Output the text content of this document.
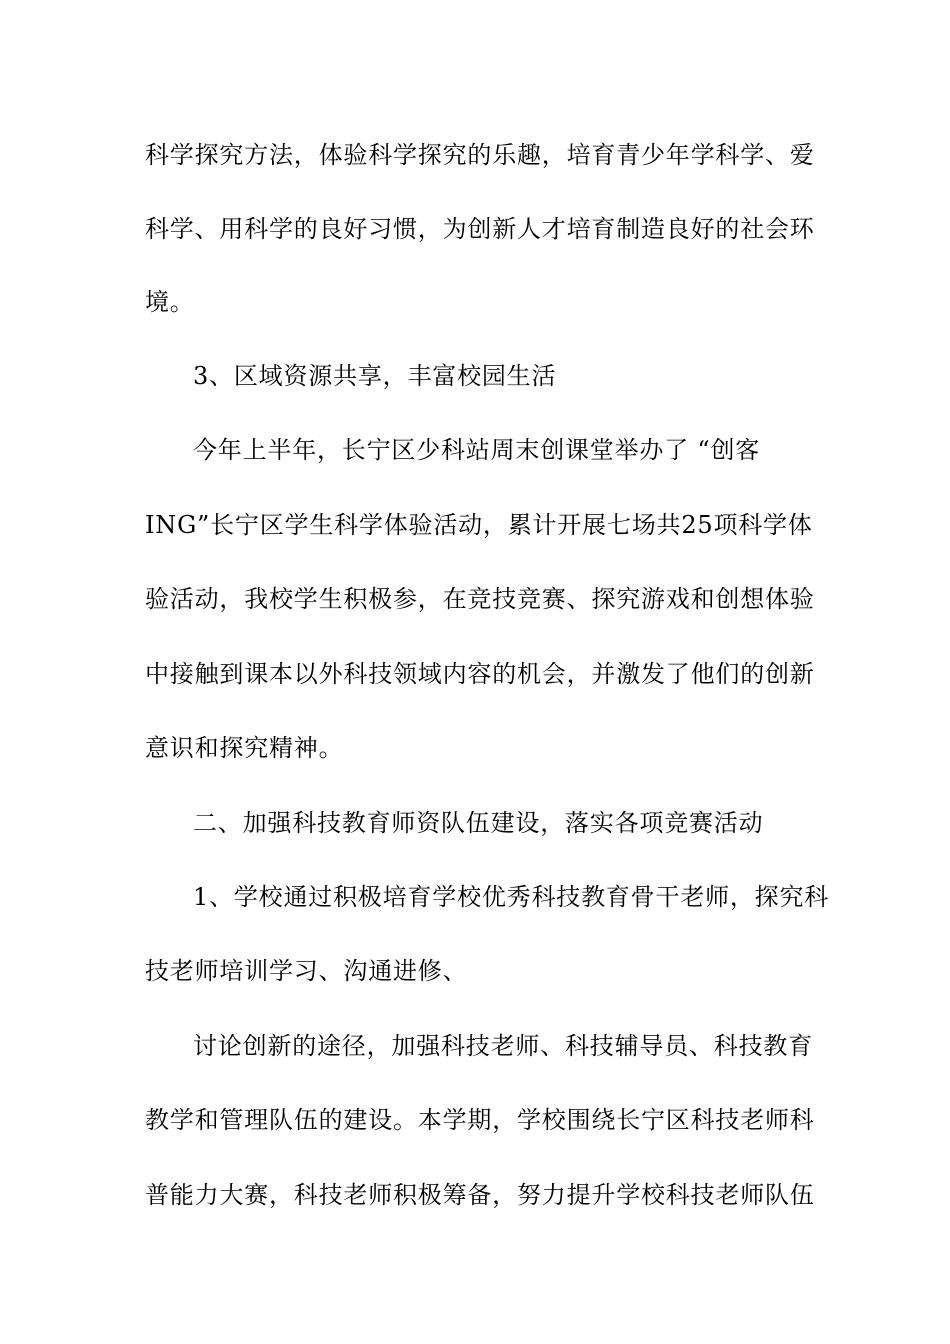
科学探究方法，体验科学探究的乐趣，培育青少年学科学、爱
科学、用科学的良好习惯，为创新人才培育制造良好的社会环
境。
3、区域资源共享，丰富校园生活
今年上半年，长宁区少科站周末创课堂举办了 “创客
ING”长宁区学生科学体验活动，累计开展七场共25项科学体
验活动，我校学生积极参，在竞技竞赛、探究游戏和创想体验
中接触到课本以外科技领域内容的机会，并激发了他们的创新
意识和探究精神。
二、加强科技教育师资队伍建设，落实各项竞赛活动
1、学校通过积极培育学校优秀科技教育骨干老师，探究科
技老师培训学习、沟通进修、
讨论创新的途径，加强科技老师、科技辅导员、科技教育
教学和管理队伍的建设。本学期，学校围绕长宁区科技老师科
普能力大赛，科技老师积极筹备，努力提升学校科技老师队伍
